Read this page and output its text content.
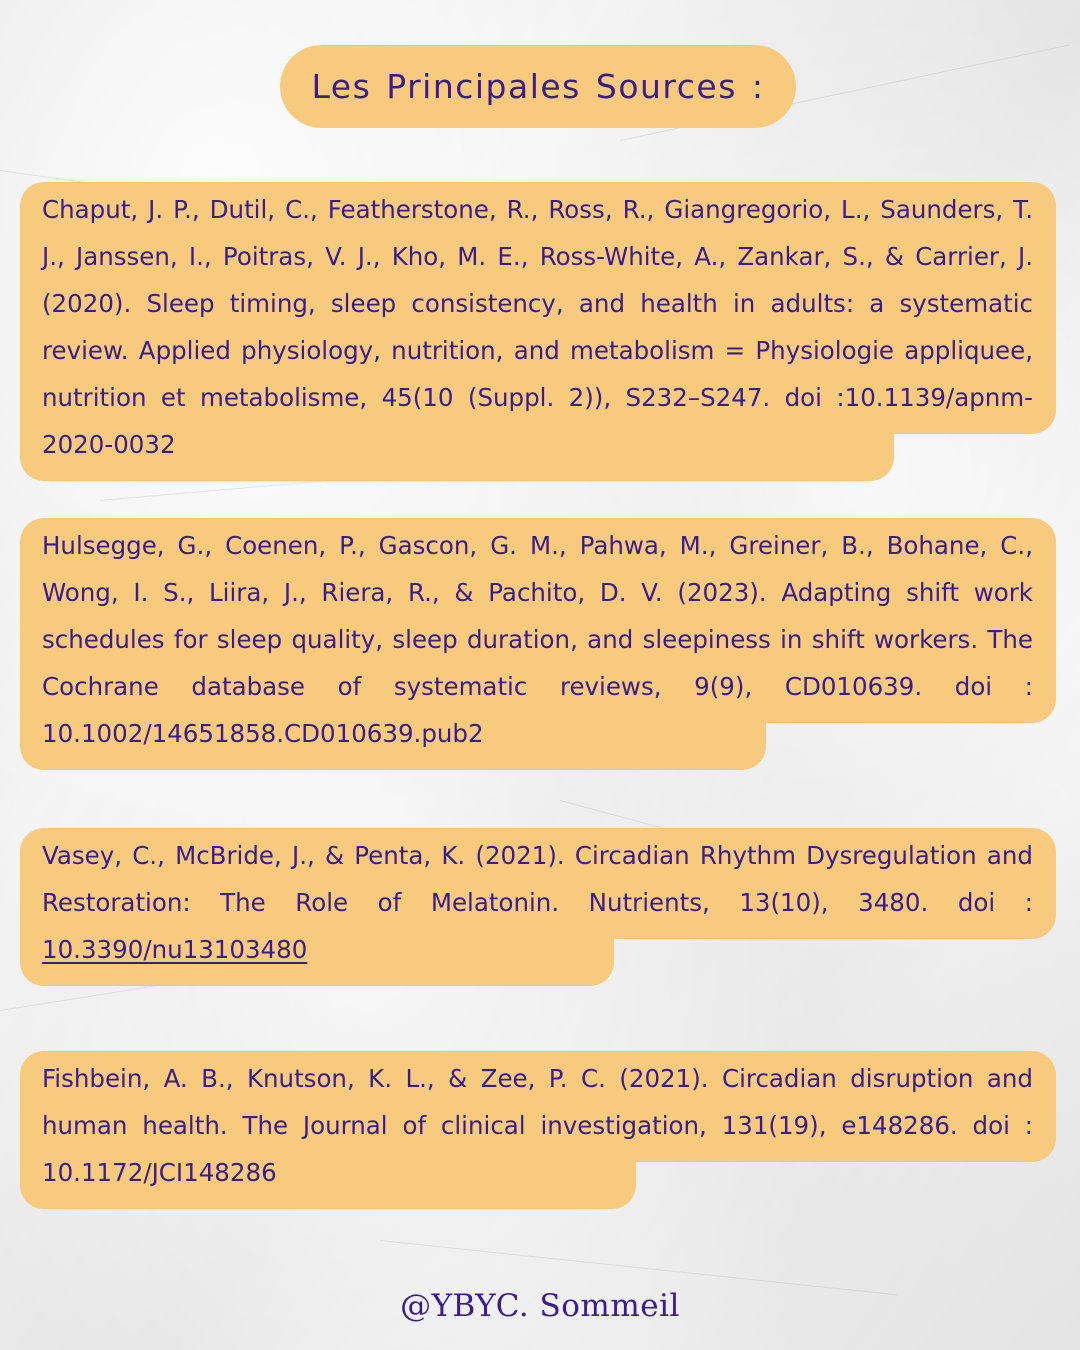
Les Principales Sources :
Chaput, J. P., Dutil, C., Featherstone, R., Ross, R., Giangregorio, L., Saunders, T. J., Janssen, I., Poitras, V. J., Kho, M. E., Ross-White, A., Zankar, S., & Carrier, J. (2020). Sleep timing, sleep consistency, and health in adults: a systematic review. Applied physiology, nutrition, and metabolism = Physiologie appliquee, nutrition et metabolisme, 45(10 (Suppl. 2)), S232–S247. doi :10.1139/apnm-2020-0032
Hulsegge, G., Coenen, P., Gascon, G. M., Pahwa, M., Greiner, B., Bohane, C., Wong, I. S., Liira, J., Riera, R., & Pachito, D. V. (2023). Adapting shift work schedules for sleep quality, sleep duration, and sleepiness in shift workers. The Cochrane database of systematic reviews, 9(9), CD010639. doi : 10.1002/14651858.CD010639.pub2
Vasey, C., McBride, J., & Penta, K. (2021). Circadian Rhythm Dysregulation and Restoration: The Role of Melatonin. Nutrients, 13(10), 3480. doi : 10.3390/nu13103480
Fishbein, A. B., Knutson, K. L., & Zee, P. C. (2021). Circadian disruption and human health. The Journal of clinical investigation, 131(19), e148286. doi : 10.1172/JCI148286
@YBYC. Sommeil
